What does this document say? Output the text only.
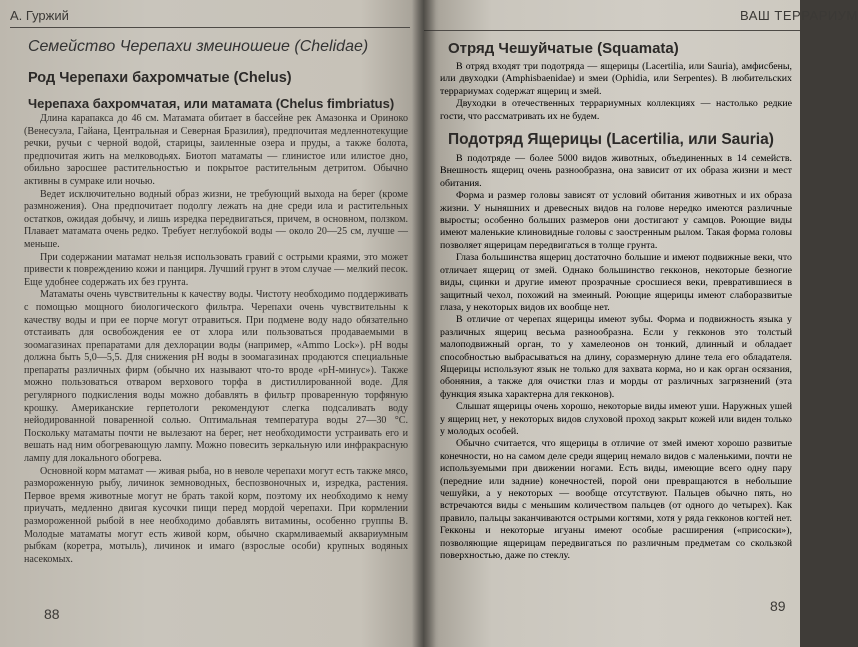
А. Гуржий
Семейство Черепахи змеиношеие (Chelidae)
Род Черепахи бахромчатые (Chelus)
Черепаха бахромчатая, или матамата (Chelus fimbriatus)

Длина карапакса до 46 см. Матамата обитает в бассейне рек Амазонка и Ориноко (Венесуэла, Гайана, Центральная и Северная Бразилия), предпочитая медленнотекущие речки, ручьи с черной водой, старицы, заиленные озера и пруды, а также болота, предпочитая жить на мелководьях. Биотоп матаматы — глинистое или илистое дно, обильно заросшее растительностью и покрытое растительным детритом. Обычно активны в сумраке или ночью.

Ведет исключительно водный образ жизни, не требующий выхода на берег (кроме размножения). Она предпочитает подолгу лежать на дне среди ила и растительных остатков, ожидая добычу, и лишь изредка передвигаться, причем, в основном, ползком. Плавает матамата очень редко. Требует неглубокой воды — около 20—25 см, лучше — меньше.

При содержании матамат нельзя использовать гравий с острыми краями, это может привести к повреждению кожи и панциря. Лучший грунт в этом случае — мелкий песок. Еще удобнее содержать их без грунта.

Матаматы очень чувствительны к качеству воды. Чистоту необходимо поддерживать с помощью мощного биологического фильтра. Черепахи очень чувствительны к качеству воды и при ее порче могут отравиться. При подмене воду надо обязательно отстаивать для освобождения ее от хлора или пользоваться продаваемыми в зоомагазинах препаратами для дехлорации воды (например, «Ammo Lock»). pH воды должна быть 5,0—5,5. Для снижения pH воды в зоомагазинах продаются специальные препараты различных фирм (обычно их называют что-то вроде «pH-минус»). Также можно пользоваться отваром верхового торфа в дистиллированной воде. Для регулярного подкисления воды можно добавлять в фильтр проваренную торфяную крошку. Американские герпетологи рекомендуют слегка подсаливать воду нейодированной поваренной солью. Оптимальная температура воды 27—30 °С. Поскольку матаматы почти не вылезают на берег, нет необходимости устраивать его и вешать над ним обогревающую лампу. Можно повесить зеркальную или инфракрасную лампу для локального обогрева.

Основной корм матамат — живая рыба, но в неволе черепахи могут есть также мясо, размороженную рыбу, личинок земноводных, беспозвоночных и, изредка, растения. Первое время животные могут не брать такой корм, поэтому их необходимо к нему приучать, медленно двигая кусочки пищи перед мордой черепахи. При кормлении размороженной рыбой в нее необходимо добавлять витамины, особенно группы В. Молодые матаматы могут есть живой корм, обычно скармливаемый аквариумным рыбкам (коретра, мотыль), личинок и имаго (взрослые особи) крупных водяных насекомых.

88
ВАШ ТЕРРАРИУМ
Отряд Чешуйчатые (Squamata)

В отряд входят три подотряда — ящерицы (Lacertilia, или Sauria), амфисбены, или двуходки (Amphisbaenidae) и змеи (Ophidia, или Serpentes). В любительских террариумах содержат ящериц и змей.

Двуходки в отечественных террариумных коллекциях — настолько редкие гости, что рассматривать их не будем.

Подотряд Ящерицы (Lacertilia, или Sauria)

В подотряде — более 5000 видов животных, объединенных в 14 семейств. Внешность ящериц очень разнообразна, она зависит от их образа жизни и мест обитания.

Форма и размер головы зависят от условий обитания животных и их образа жизни. У ныняшних и древесных видов на голове нередко имеются различные выросты; особенно больших размеров они достигают у самцов. Роющие виды имеют маленькие клиновидные головы с заостренным рылом. Такая форма головы позволяет ящерицам передвигаться в толще грунта.

Глаза большинства ящериц достаточно большие и имеют подвижные веки, что отличает ящериц от змей. Однако большинство гекконов, некоторые безногие виды, сцинки и другие имеют прозрачные сросшиеся веки, превратившиеся в защитный чехол, похожий на змеиный. Роющие ящерицы имеют слаборазвитые глаза, у некоторых видов их вообще нет.

В отличие от черепах ящерицы имеют зубы. Форма и подвижность языка у различных ящериц весьма разнообразна. Если у гекконов это толстый малоподвижный орган, то у хамелеонов он тонкий, длинный и обладает способностью выбрасываться на длину, соразмерную длине тела его обладателя. Ящерицы используют язык не только для захвата корма, но и как орган осязания, обоняния, а также для очистки глаз и морды от различных загрязнений (эта функция языка характерна для гекконов).

Слышат ящерицы очень хорошо, некоторые виды имеют уши. Наружных ушей у ящериц нет, у некоторых видов слуховой проход закрыт кожей или виден только у молодых особей.

Обычно считается, что ящерицы в отличие от змей имеют хорошо развитые конечности, но на самом деле среди ящериц немало видов с маленькими, почти не используемыми при движении ногами. Есть виды, имеющие всего одну пару (передние или задние) конечностей, порой они превращаются в небольшие чешуйки, а у некоторых — вообще отсутствуют. Пальцев обычно пять, но встречаются виды с меньшим количеством пальцев (от одного до четырех). Как правило, пальцы заканчиваются острыми когтями, хотя у ряда гекконов когтей нет. Гекконы и некоторые игуаны имеют особые расширения («присоски»), позволяющие ящерицам передвигаться по различным предметам со скользкой поверхностью, даже по стеклу.

89
